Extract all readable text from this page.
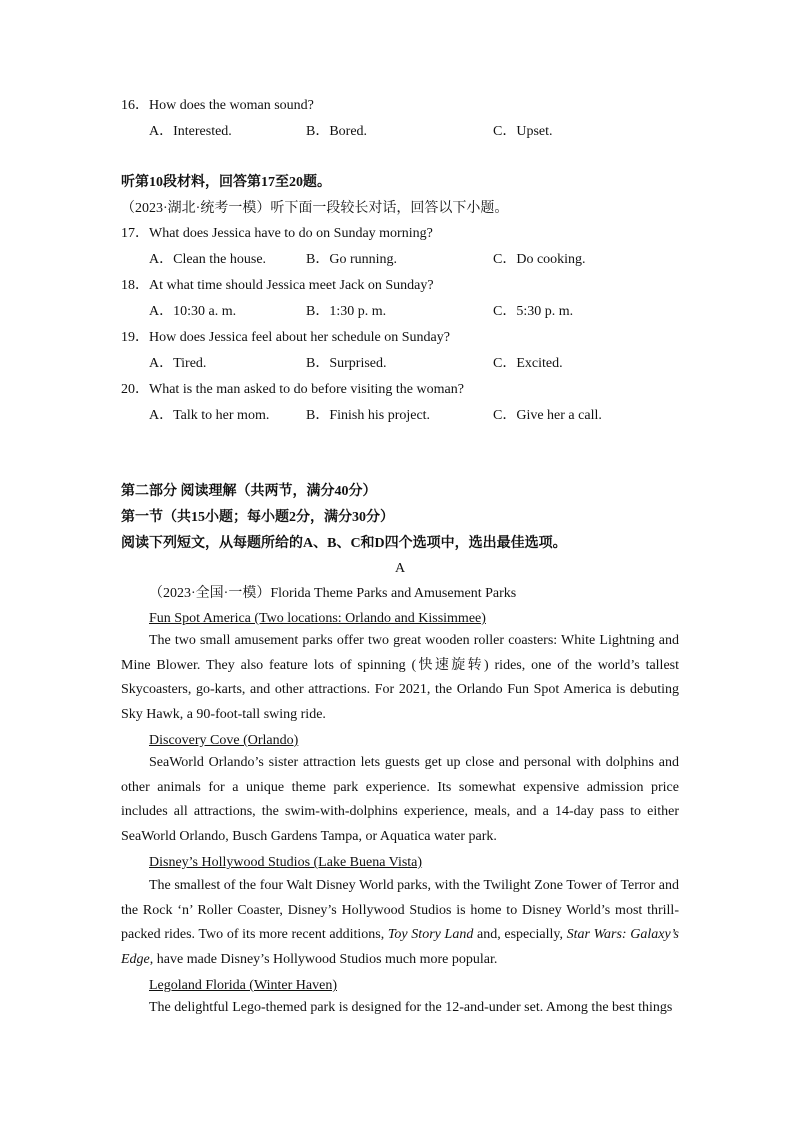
16．How does the woman sound?
A．Interested.	B．Bored.	C．Upset.
听第10段材料，回答第17至20题。
（2023·湖北·统考一模）听下面一段较长对话，回答以下小题。
17．What does Jessica have to do on Sunday morning?
A．Clean the house.	B．Go running.	C．Do cooking.
18．At what time should Jessica meet Jack on Sunday?
A．10:30 a. m.	B．1:30 p. m.	C．5:30 p. m.
19．How does Jessica feel about her schedule on Sunday?
A．Tired.	B．Surprised.	C．Excited.
20．What is the man asked to do before visiting the woman?
A．Talk to her mom.	B．Finish his project.	C．Give her a call.
第二部分 阅读理解（共两节，满分40分）
第一节（共15小题；每小题2分，满分30分）
阅读下列短文，从每题所给的A、B、C和D四个选项中，选出最佳选项。
A
（2023·全国·一模）Florida Theme Parks and Amusement Parks
Fun Spot America (Two locations: Orlando and Kissimmee)
The two small amusement parks offer two great wooden roller coasters: White Lightning and Mine Blower. They also feature lots of spinning (快速旋转) rides, one of the world’s tallest Skycoasters, go-karts, and other attractions. For 2021, the Orlando Fun Spot America is debuting Sky Hawk, a 90-foot-tall swing ride.
Discovery Cove (Orlando)
SeaWorld Orlando’s sister attraction lets guests get up close and personal with dolphins and other animals for a unique theme park experience. Its somewhat expensive admission price includes all attractions, the swim-with-dolphins experience, meals, and a 14-day pass to either SeaWorld Orlando, Busch Gardens Tampa, or Aquatica water park.
Disney’s Hollywood Studios (Lake Buena Vista)
The smallest of the four Walt Disney World parks, with the Twilight Zone Tower of Terror and the Rock ‘n’ Roller Coaster, Disney’s Hollywood Studios is home to Disney World’s most thrill-packed rides. Two of its more recent additions, Toy Story Land and, especially, Star Wars: Galaxy’s Edge, have made Disney’s Hollywood Studios much more popular.
Legoland Florida (Winter Haven)
The delightful Lego-themed park is designed for the 12-and-under set. Among the best things
